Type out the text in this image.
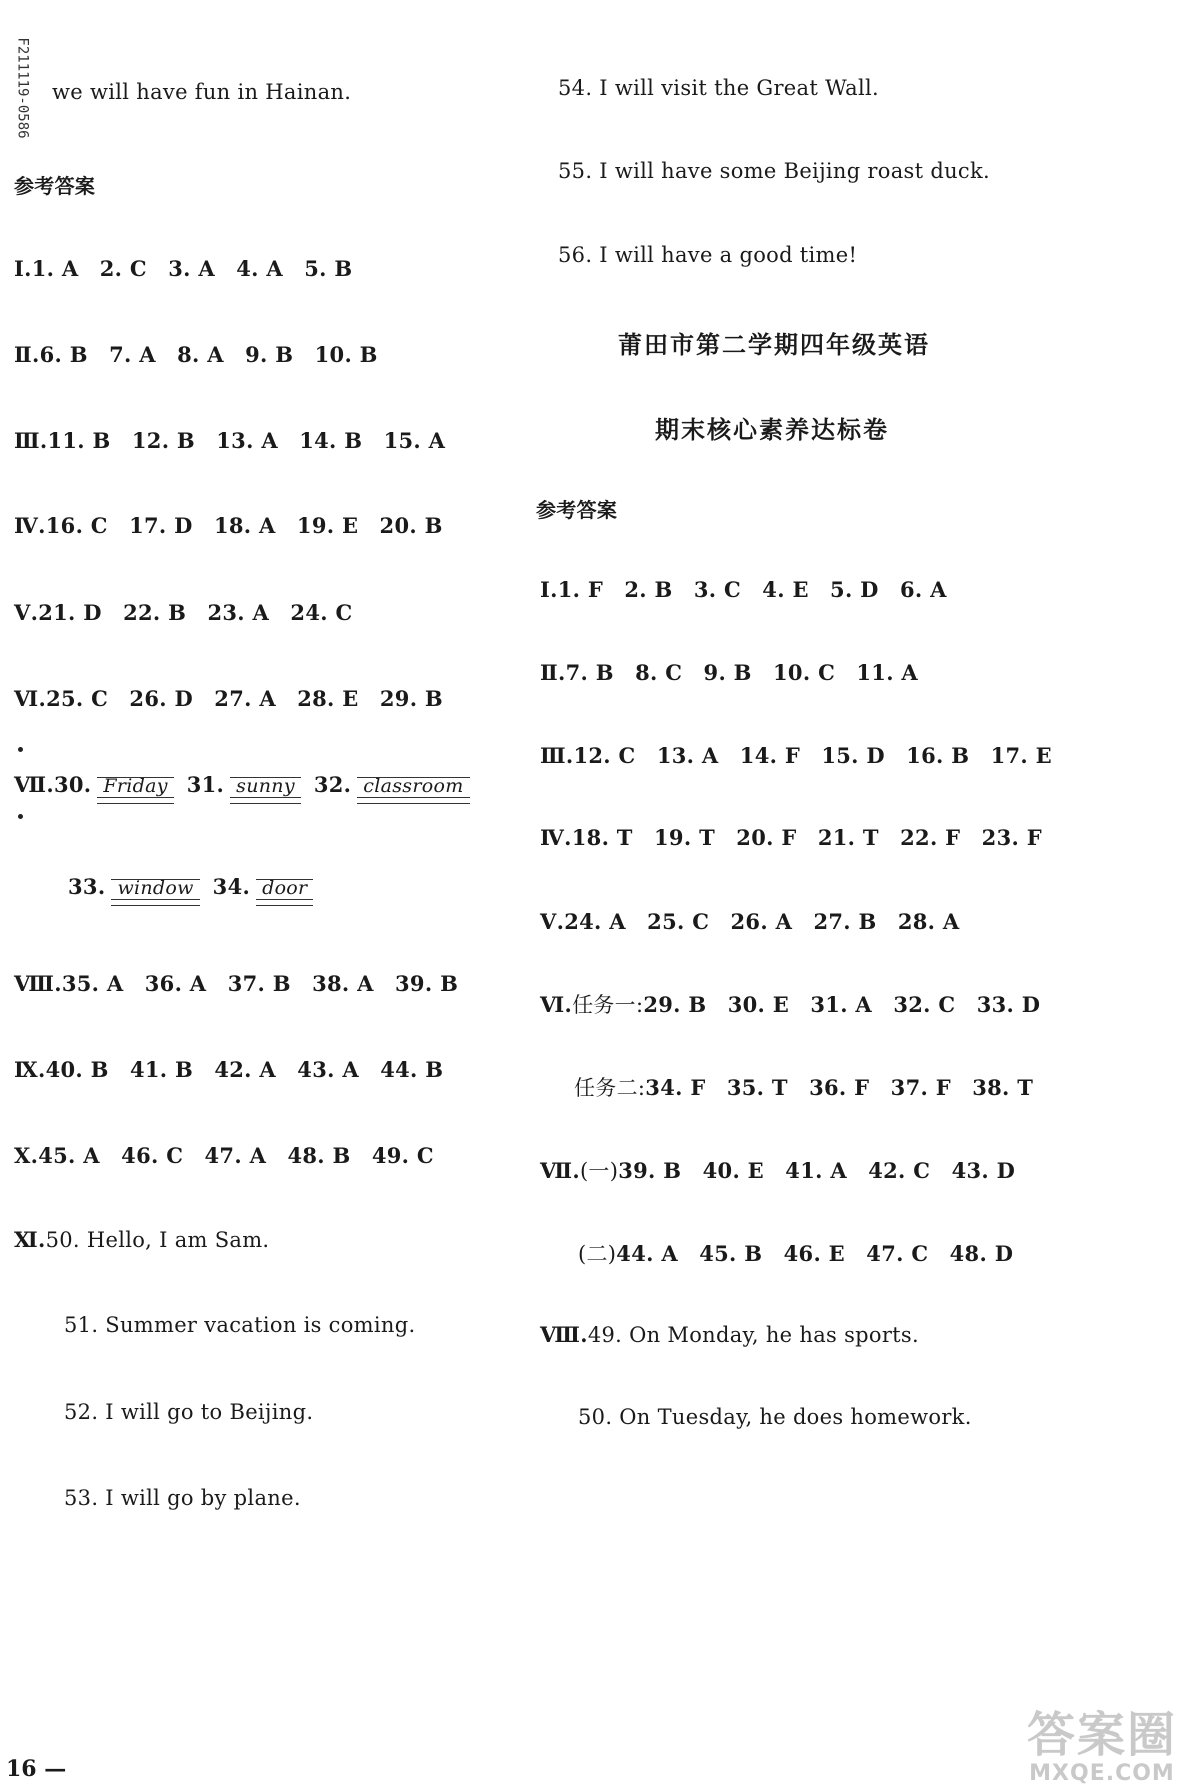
F211119-0586 we will have fun in Hainan.
参考答案
Ⅰ.1. A　2. C　3. A　4. A　5. B
Ⅱ.6. B　7. A　8. A　9. B　10. B
Ⅲ.11. B　12. B　13. A　14. B　15. A
Ⅳ.16. C　17. D　18. A　19. E　20. B
Ⅴ.21. D　22. B　23. A　24. C
Ⅵ.25. C　26. D　27. A　28. E　29. B
Ⅶ.30. Friday 31. sunny 32. classroom
33. window 34. door
Ⅷ.35. A　36. A　37. B　38. A　39. B
Ⅸ.40. B　41. B　42. A　43. A　44. B
Ⅹ.45. A　46. C　47. A　48. B　49. C
Ⅺ.50. Hello, I am Sam.
51. Summer vacation is coming.
52. I will go to Beijing.
53. I will go by plane.
54. I will visit the Great Wall.
55. I will have some Beijing roast duck.
56. I will have a good time!
莆田市第二学期四年级英语
期末核心素养达标卷
参考答案
Ⅰ.1. F　2. B　3. C　4. E　5. D　6. A
Ⅱ.7. B　8. C　9. B　10. C　11. A
Ⅲ.12. C　13. A　14. F　15. D　16. B　17. E
Ⅳ.18. T　19. T　20. F　21. T　22. F　23. F
Ⅴ.24. A　25. C　26. A　27. B　28. A
Ⅵ.任务一:29. B　30. E　31. A　32. C　33. D
任务二:34. F　35. T　36. F　37. F　38. T
Ⅶ.(一)39. B　40. E　41. A　42. C　43. D
(二)44. A　45. B　46. E　47. C　48. D
Ⅷ.49. On Monday, he has sports.
50. On Tuesday, he does homework.
16 —
答案圈
MXQE.COM
